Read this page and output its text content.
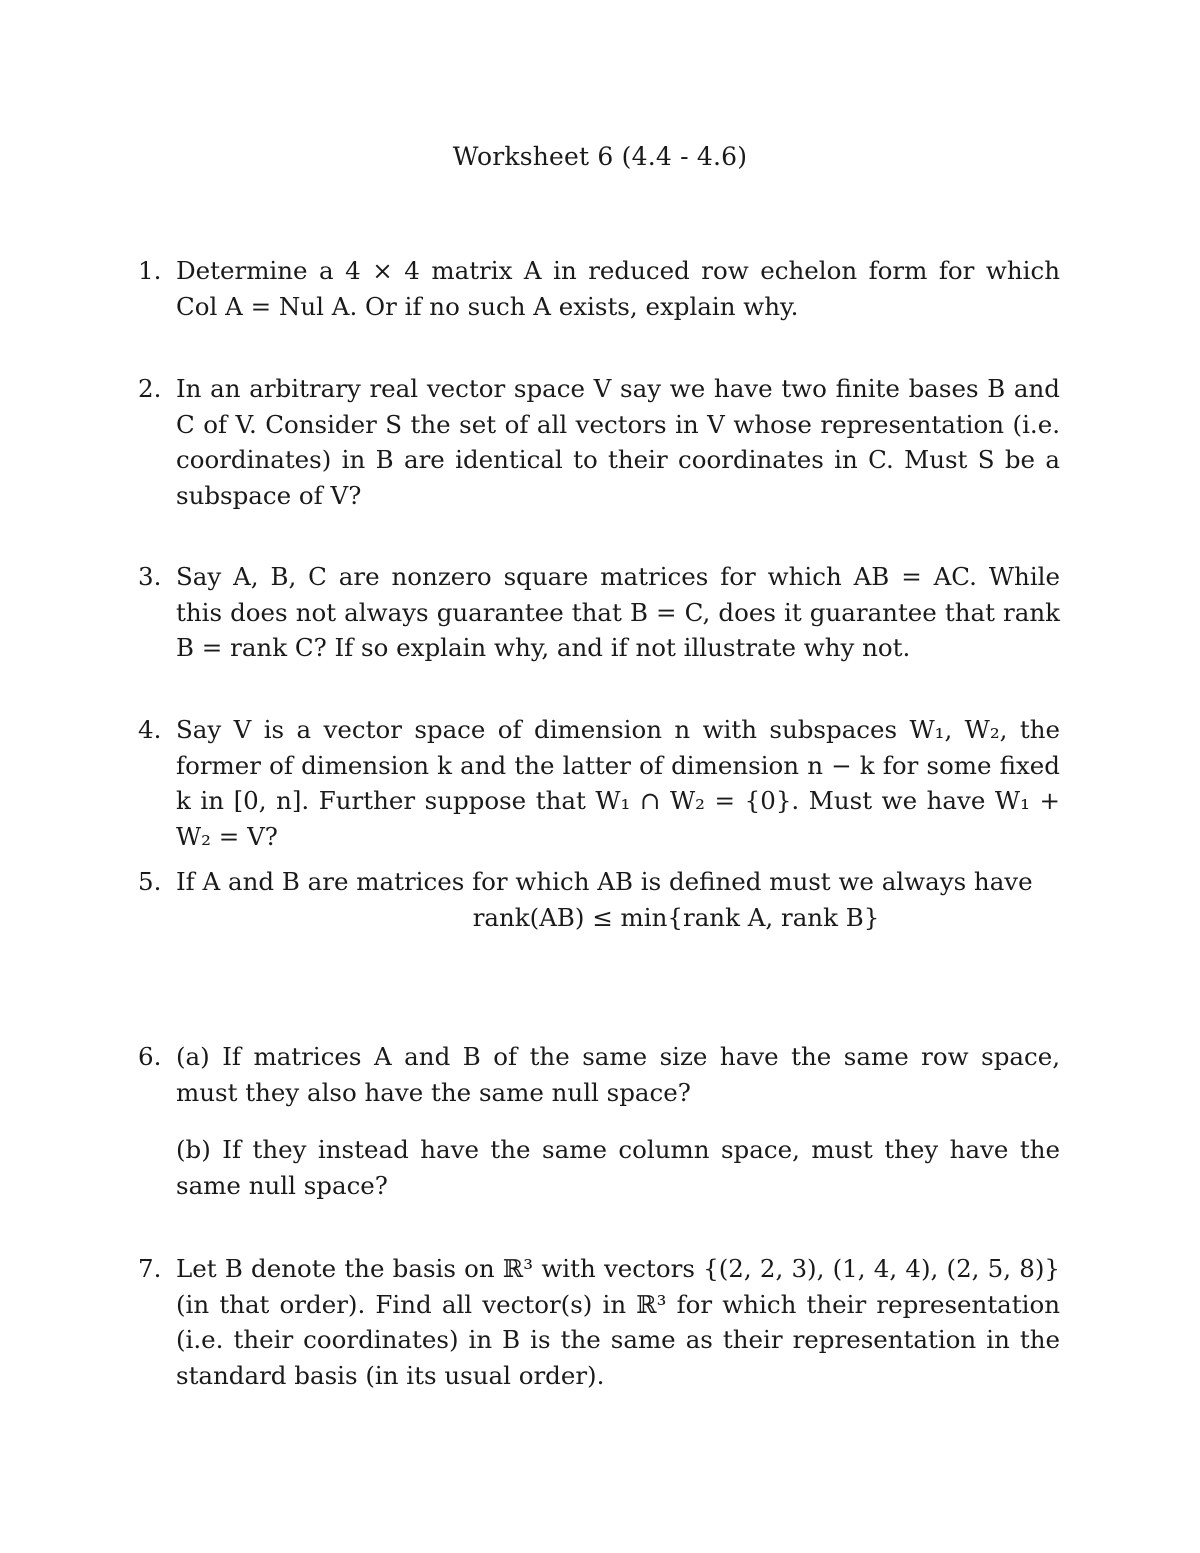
Worksheet 6 (4.4 - 4.6)
1. Determine a 4 × 4 matrix A in reduced row echelon form for which Col A = Nul A. Or if no such A exists, explain why.

2. In an arbitrary real vector space V say we have two finite bases B and C of V. Consider S the set of all vectors in V whose representation (i.e. coordinates) in B are identical to their coordinates in C. Must S be a subspace of V?

3. Say A, B, C are nonzero square matrices for which AB = AC. While this does not always guarantee that B = C, does it guarantee that rank B = rank C? If so explain why, and if not illustrate why not.

4. Say V is a vector space of dimension n with subspaces W₁, W₂, the former of dimension k and the latter of dimension n − k for some fixed k in [0, n]. Further suppose that W₁ ∩ W₂ = {0}. Must we have W₁ + W₂ = V?

5. If A and B are matrices for which AB is defined must we always have

rank(AB) ≤ min{rank A, rank B}

6. (a) If matrices A and B of the same size have the same row space, must they also have the same null space?

(b) If they instead have the same column space, must they have the same null space?

7. Let B denote the basis on ℝ³ with vectors {(2, 2, 3), (1, 4, 4), (2, 5, 8)} (in that order). Find all vector(s) in ℝ³ for which their representation (i.e. their coordinates) in B is the same as their representation in the standard basis (in its usual order).
